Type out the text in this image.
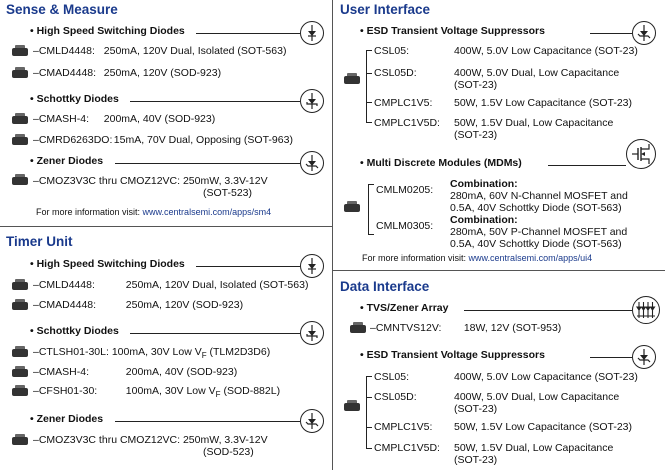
Sense & Measure
• High Speed Switching Diodes
–CMLD4448: 250mA, 120V Dual, Isolated (SOT-563)
–CMAD4448: 250mA, 120V (SOD-923)
• Schottky Diodes
–CMASH-4: 200mA, 40V (SOD-923)
–CMRD6263DO: 15mA, 70V Dual, Opposing (SOT-963)
• Zener Diodes
–CMOZ3V3C thru CMOZ12VC: 250mW, 3.3V-12V
(SOT-523)
For more information visit: www.centralsemi.com/apps/sm4
Timer Unit
• High Speed Switching Diodes
–CMLD4448:	250mA, 120V Dual, Isolated (SOT-563)
–CMAD4448:	250mA, 120V (SOD-923)
• Schottky Diodes
–CTLSH01-30L: 100mA, 30V Low $V_F$ (TLM2D3D6)
–CMASH-4:	200mA, 40V (SOD-923)
–CFSH01-30:	100mA, 30V Low $V_F$ (SOD-882L)
• Zener Diodes
–CMOZ3V3C thru CMOZ12VC: 250mW, 3.3V-12V
(SOD-523)
User Interface
• ESD Transient Voltage Suppressors
CSL05:	400W, 5.0V Low Capacitance (SOT-23)
CSL05D:	400W, 5.0V Dual, Low Capacitance
(SOT-23)
CMPLC1V5: 50W, 1.5V Low Capacitance (SOT-23)
CMPLC1V5D: 50W, 1.5V Dual, Low Capacitance
(SOT-23)
• Multi Discrete Modules (MDMs)
CMLM0205: Combination:
280mA, 60V N-Channel MOSFET and
0.5A, 40V Schottky Diode (SOT-563)
CMLM0305: Combination:
280mA, 50V P-Channel MOSFET and
0.5A, 40V Schottky Diode (SOT-563)
For more information visit: www.centralsemi.com/apps/ui4
Data Interface
• TVS/Zener Array
–CMNTVS12V: 18W, 12V (SOT-953)
• ESD Transient Voltage Suppressors
CSL05:	400W, 5.0V Low Capacitance (SOT-23)
CSL05D:	400W, 5.0V Dual, Low Capacitance
(SOT-23)
CMPLC1V5: 50W, 1.5V Low Capacitance (SOT-23)
CMPLC1V5D: 50W, 1.5V Dual, Low Capacitance
(SOT-23)
